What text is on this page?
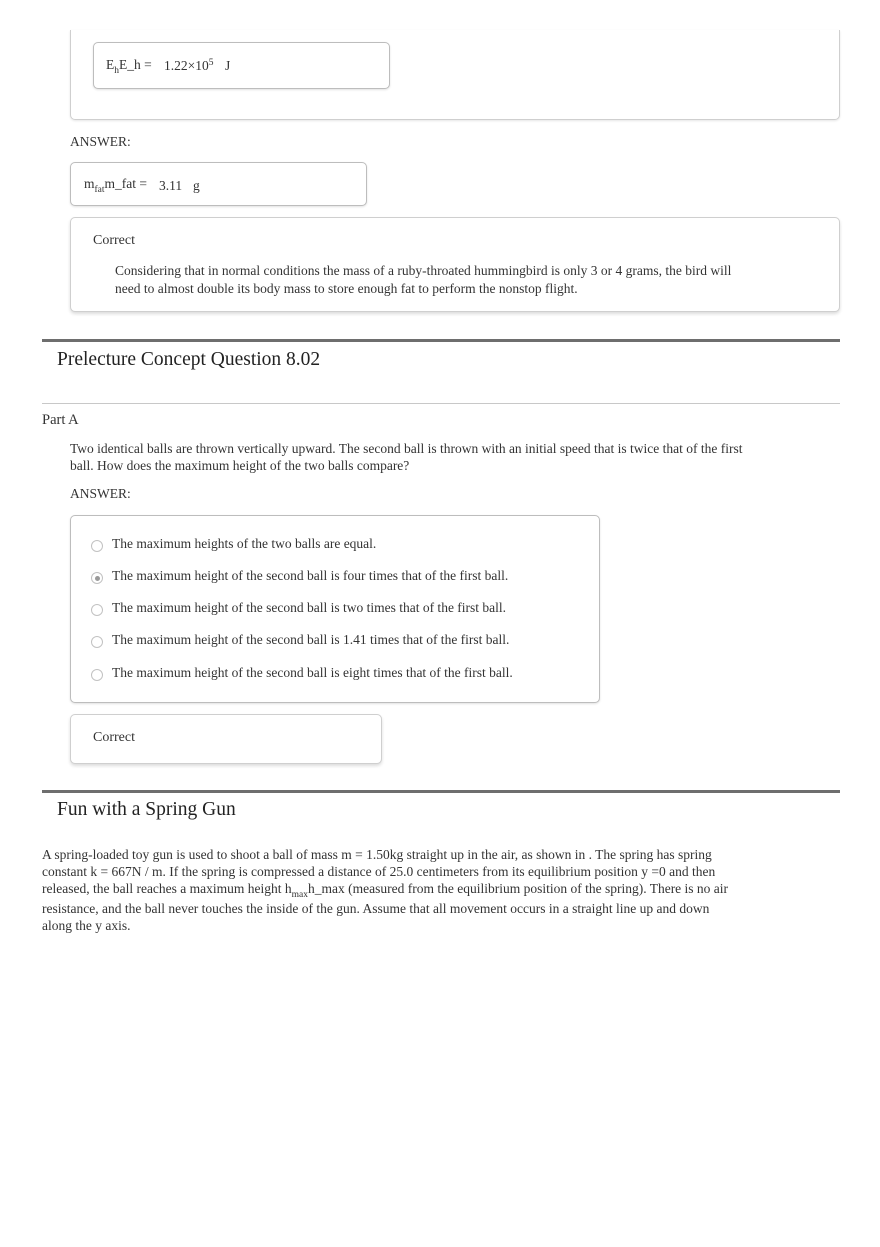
$E_hE\_h = 1.22\times 10^5$ J
ANSWER:
$m_{fat}m\_fat = 3.11$ g
Correct
Considering that in normal conditions the mass of a ruby-throated hummingbird is only 3 or 4 grams, the bird will
need to almost double its body mass to store enough fat to perform the nonstop flight.
Prelecture Concept Question 8.02
Part A
Two identical balls are thrown vertically upward. The second ball is thrown with an initial speed that is twice that of the first
ball. How does the maximum height of the two balls compare?
ANSWER:
The maximum heights of the two balls are equal.
The maximum height of the second ball is four times that of the first ball.
The maximum height of the second ball is two times that of the first ball.
The maximum height of the second ball is 1.41 times that of the first ball.
The maximum height of the second ball is eight times that of the first ball.
Correct
Fun with a Spring Gun
A spring-loaded toy gun is used to shoot a ball of mass m = 1.50kg straight up in the air, as shown in . The spring has spring
constant k = 667N / m. If the spring is compressed a distance of 25.0 centimeters from its equilibrium position y =0 and then
released, the ball reaches a maximum height $h_{max}h\_\max$ (measured from the equilibrium position of the spring). There is no air
resistance, and the ball never touches the inside of the gun. Assume that all movement occurs in a straight line up and down
along the y axis.
